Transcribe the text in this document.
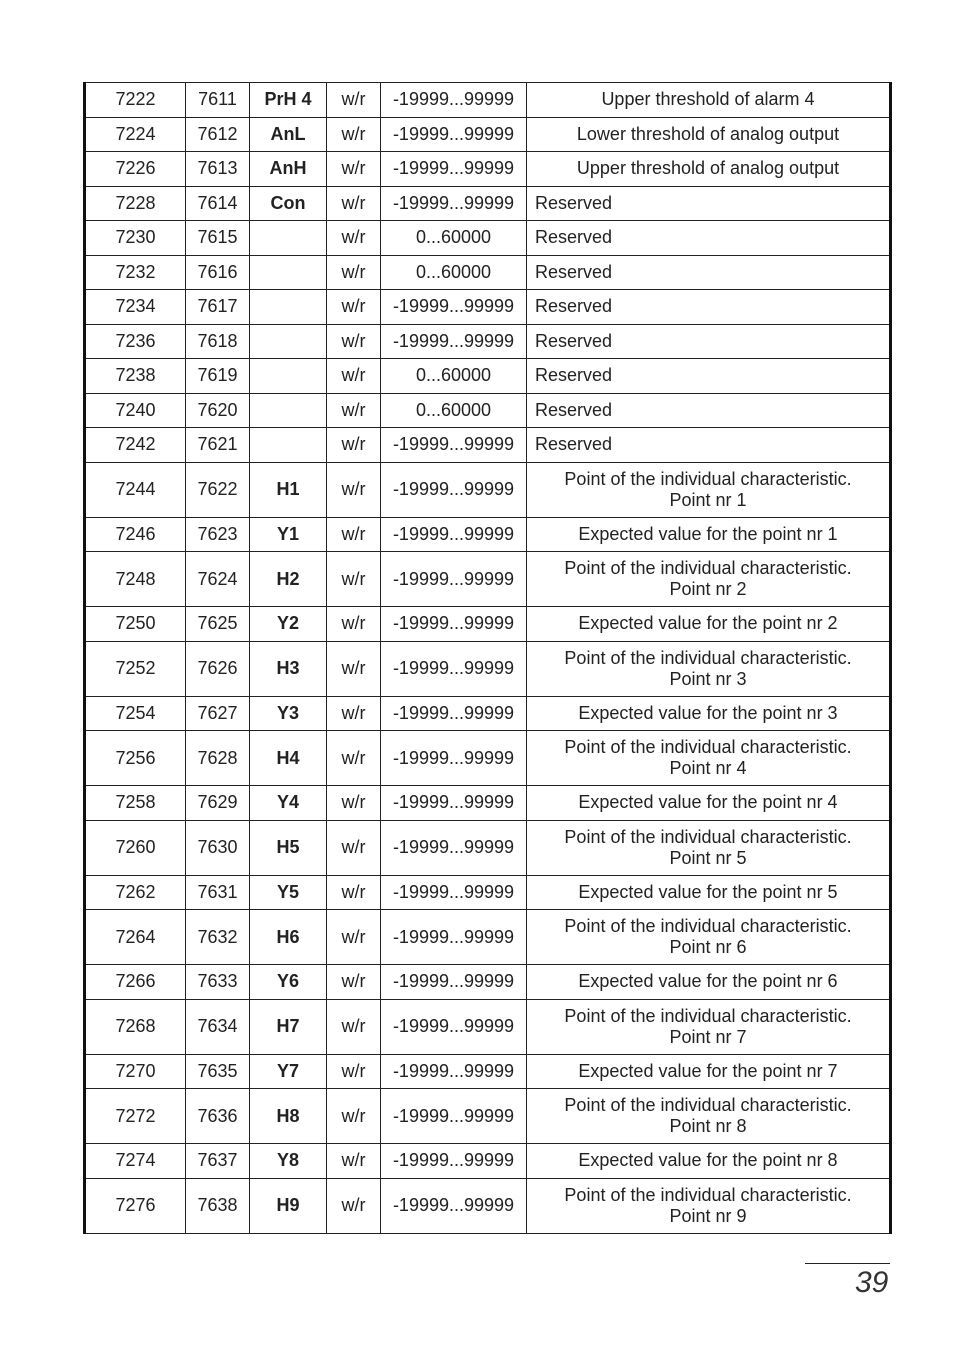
7222	7611	PrH 4	w/r	-19999...99999	Upper threshold of alarm 4

7224	7612	AnL	w/r	-19999...99999	Lower threshold of analog output

7226	7613	AnH	w/r	-19999...99999	Upper threshold of analog output

7228	7614	Con	w/r	-19999...99999	Reserved

7230	7615		w/r	0...60000	Reserved

7232	7616		w/r	0...60000	Reserved

7234	7617		w/r	-19999...99999	Reserved

7236	7618		w/r	-19999...99999	Reserved

7238	7619		w/r	0...60000	Reserved

7240	7620		w/r	0...60000	Reserved

7242	7621		w/r	-19999...99999	Reserved

7244	7622	H1	w/r	-19999...99999	Point of the individual characteristic.
Point nr 1

7246	7623	Y1	w/r	-19999...99999	Expected value for the point nr 1

7248	7624	H2	w/r	-19999...99999	Point of the individual characteristic.
Point nr 2

7250	7625	Y2	w/r	-19999...99999	Expected value for the point nr 2

7252	7626	H3	w/r	-19999...99999	Point of the individual characteristic.
Point nr 3

7254	7627	Y3	w/r	-19999...99999	Expected value for the point nr 3

7256	7628	H4	w/r	-19999...99999	Point of the individual characteristic.
Point nr 4

7258	7629	Y4	w/r	-19999...99999	Expected value for the point nr 4

7260	7630	H5	w/r	-19999...99999	Point of the individual characteristic.
Point nr 5

7262	7631	Y5	w/r	-19999...99999	Expected value for the point nr 5

7264	7632	H6	w/r	-19999...99999	Point of the individual characteristic.
Point nr 6

7266	7633	Y6	w/r	-19999...99999	Expected value for the point nr 6

7268	7634	H7	w/r	-19999...99999	Point of the individual characteristic.
Point nr 7

7270	7635	Y7	w/r	-19999...99999	Expected value for the point nr 7

7272	7636	H8	w/r	-19999...99999	Point of the individual characteristic.
Point nr 8

7274	7637	Y8	w/r	-19999...99999	Expected value for the point nr 8

7276	7638	H9	w/r	-19999...99999	Point of the individual characteristic.
Point nr 9
39
